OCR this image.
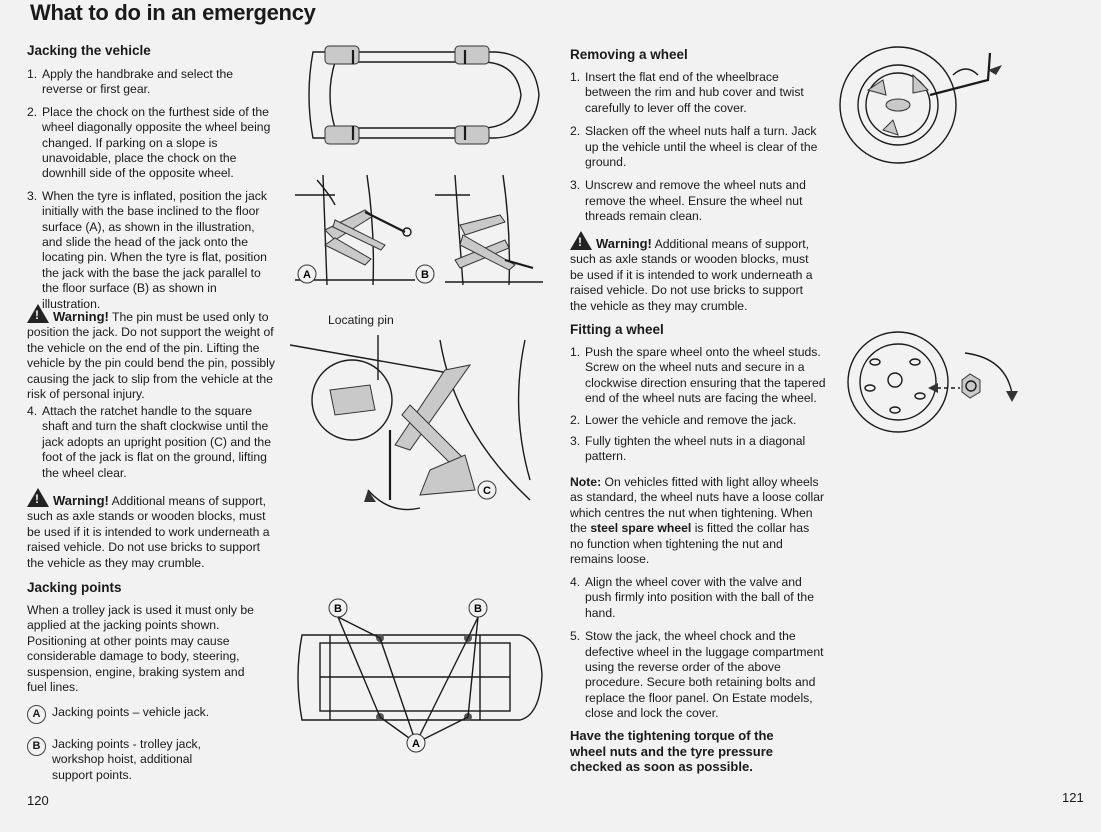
What to do in an emergency
Jacking the vehicle
1. Apply the handbrake and select the reverse or first gear.
2. Place the chock on the furthest side of the wheel diagonally opposite the wheel being changed. If parking on a slope is unavoidable, place the chock on the downhill side of the opposite wheel.
3. When the tyre is inflated, position the jack initially with the base inclined to the floor surface (A), as shown in the illustration, and slide the head of the jack onto the locating pin. When the tyre is flat, position the jack with the base the jack parallel to the floor surface (B) as shown in illustration.
! Warning! The pin must be used only to position the jack. Do not support the weight of the vehicle on the end of the pin. Lifting the vehicle by the pin could bend the pin, possibly causing the jack to slip from the vehicle at the risk of personal injury.
4. Attach the ratchet handle to the square shaft and turn the shaft clockwise until the jack adopts an upright position (C) and the foot of the jack is flat on the ground, lifting the wheel clear.
! Warning! Additional means of support, such as axle stands or wooden blocks, must be used if it is intended to work underneath a raised vehicle. Do not use bricks to support the vehicle as they may crumble.
Jacking points
When a trolley jack is used it must only be applied at the jacking points shown. Positioning at other points may cause considerable damage to body, steering, suspension, engine, braking system and fuel lines.
A Jacking points – vehicle jack.
B Jacking points - trolley jack, workshop hoist, additional support points.
120
A	B
Locating pin
C
B	B
A
Removing a wheel
1. Insert the flat end of the wheelbrace between the rim and hub cover and twist carefully to lever off the cover.
2. Slacken off the wheel nuts half a turn. Jack up the vehicle until the wheel is clear of the ground.
3. Unscrew and remove the wheel nuts and remove the wheel. Ensure the wheel nut threads remain clean.
! Warning! Additional means of support, such as axle stands or wooden blocks, must be used if it is intended to work underneath a raised vehicle. Do not use bricks to support the vehicle as they may crumble.
Fitting a wheel
1. Push the spare wheel onto the wheel studs. Screw on the wheel nuts and secure in a clockwise direction ensuring that the tapered end of the wheel nuts are facing the wheel.
2. Lower the vehicle and remove the jack.
3. Fully tighten the wheel nuts in a diagonal pattern.
Note: On vehicles fitted with light alloy wheels as standard, the wheel nuts have a loose collar which centres the nut when tightening. When the steel spare wheel is fitted the collar has no function when tightening the nut and remains loose.
4. Align the wheel cover with the valve and push firmly into position with the ball of the hand.
5. Stow the jack, the wheel chock and the defective wheel in the luggage compartment using the reverse order of the above procedure. Secure both retaining bolts and replace the floor panel. On Estate models, close and lock the cover.
Have the tightening torque of the wheel nuts and the tyre pressure checked as soon as possible.
121
